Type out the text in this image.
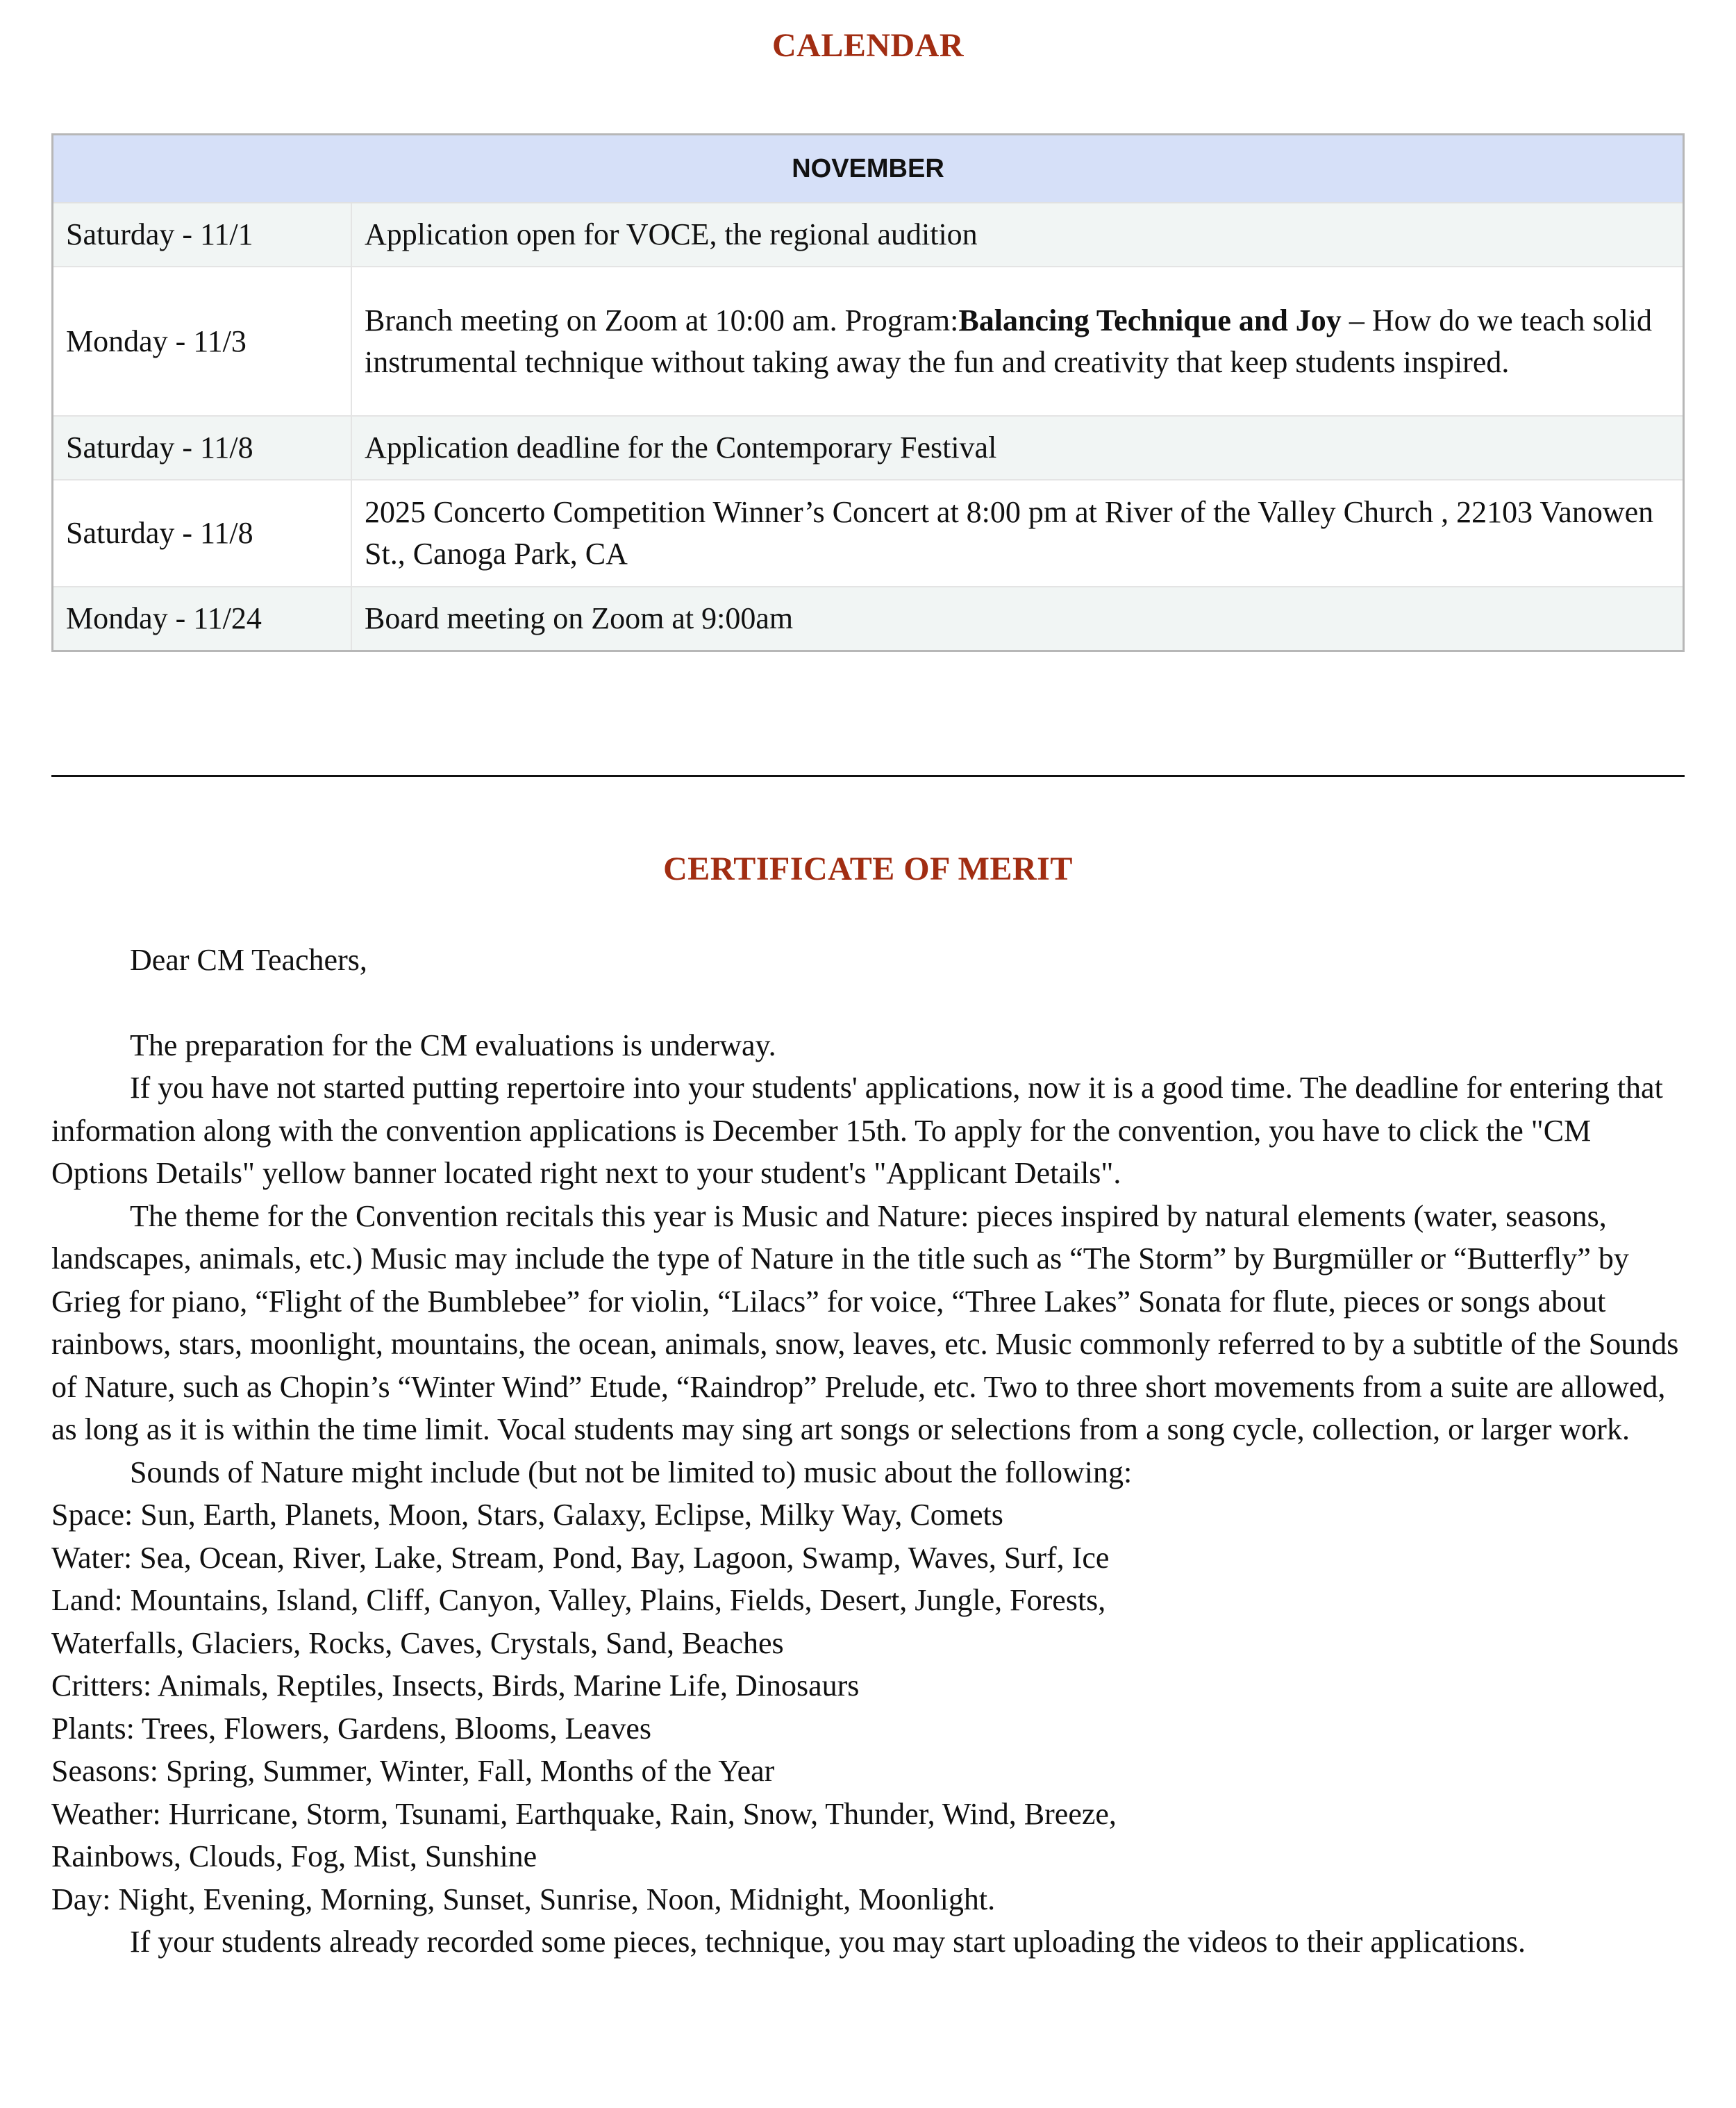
CALENDAR
NOVEMBER	
Saturday - 11/1	Application open for VOCE, the regional audition
Monday - 11/3	Branch meeting on Zoom at 10:00 am. Program:Balancing Technique and Joy – How do we teach solid instrumental technique without taking away the fun and creativity that keep students inspired.
Saturday - 11/8	Application deadline for the Contemporary Festival
Saturday - 11/8	2025 Concerto Competition Winner’s Concert at 8:00 pm at River of the Valley Church , 22103 Vanowen St., Canoga Park, CA
Monday - 11/24	Board meeting on Zoom at 9:00am
CERTIFICATE OF MERIT

Dear CM Teachers,

The preparation for the CM evaluations is underway.

If you have not started putting repertoire into your students' applications, now it is a good time. The deadline for entering that information along with the convention applications is December 15th. To apply for the convention, you have to click the "CM Options Details" yellow banner located right next to your student's "Applicant Details".

The theme for the Convention recitals this year is Music and Nature: pieces inspired by natural elements (water, seasons, landscapes, animals, etc.) Music may include the type of Nature in the title such as “The Storm” by Burgmüller or “Butterfly” by Grieg for piano, “Flight of the Bumblebee” for violin, “Lilacs” for voice, “Three Lakes” Sonata for flute, pieces or songs about rainbows, stars, moonlight, mountains, the ocean, animals, snow, leaves, etc. Music commonly referred to by a subtitle of the Sounds of Nature, such as Chopin’s “Winter Wind” Etude, “Raindrop” Prelude, etc. Two to three short movements from a suite are allowed, as long as it is within the time limit. Vocal students may sing art songs or selections from a song cycle, collection, or larger work.

Sounds of Nature might include (but not be limited to) music about the following:

Space: Sun, Earth, Planets, Moon, Stars, Galaxy, Eclipse, Milky Way, Comets

Water: Sea, Ocean, River, Lake, Stream, Pond, Bay, Lagoon, Swamp, Waves, Surf, Ice

Land: Mountains, Island, Cliff, Canyon, Valley, Plains, Fields, Desert, Jungle, Forests,

Waterfalls, Glaciers, Rocks, Caves, Crystals, Sand, Beaches

Critters: Animals, Reptiles, Insects, Birds, Marine Life, Dinosaurs

Plants: Trees, Flowers, Gardens, Blooms, Leaves

Seasons: Spring, Summer, Winter, Fall, Months of the Year

Weather: Hurricane, Storm, Tsunami, Earthquake, Rain, Snow, Thunder, Wind, Breeze,

Rainbows, Clouds, Fog, Mist, Sunshine

Day: Night, Evening, Morning, Sunset, Sunrise, Noon, Midnight, Moonlight.

If your students already recorded some pieces, technique, you may start uploading the videos to their applications.
